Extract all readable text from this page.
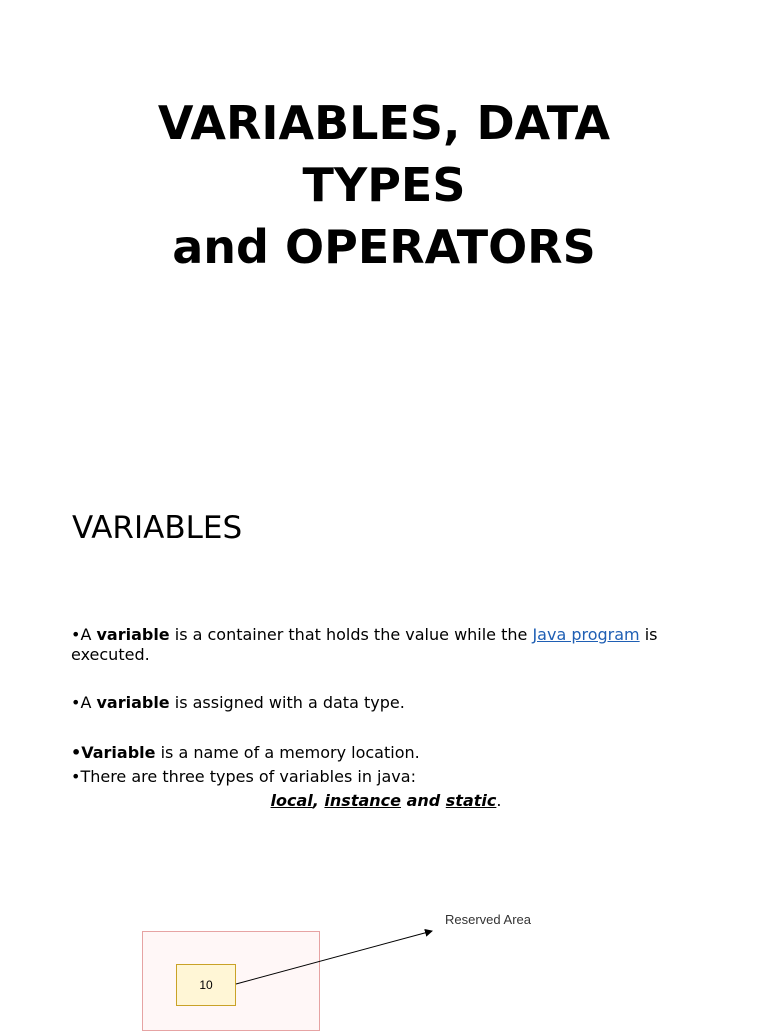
VARIABLES, DATA
TYPES
and OPERATORS
VARIABLES

•A variable is a container that holds the value while the Java program is executed.

•A variable is assigned with a data type.

•Variable is a name of a memory location.

•There are three types of variables in java:

local, instance and static.

10
Reserved Area
